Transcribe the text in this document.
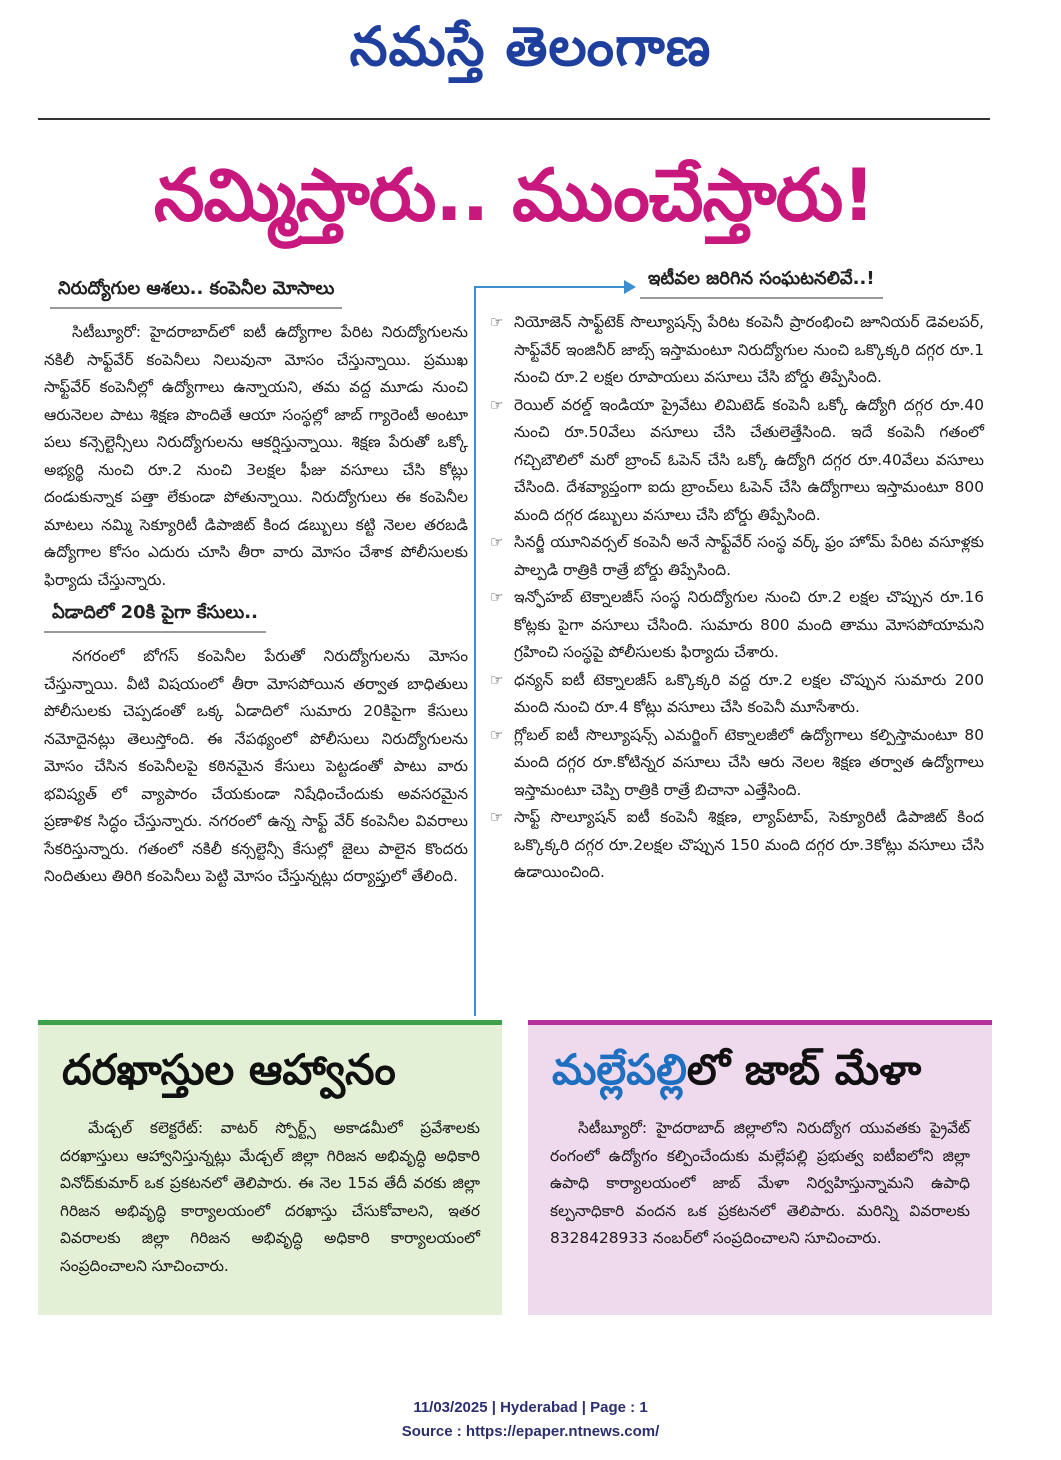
నమస్తే తెలంగాణ
నమ్మిస్తారు.. ముంచేస్తారు!
నిరుద్యోగుల ఆశలు.. కంపెనీల మోసాలు

సిటీబ్యూరో: హైదరాబాద్‌లో ఐటీ ఉద్యోగాల పేరిట నిరుద్యోగులను నకిలీ సాఫ్ట్‌వేర్ కంపెనీలు నిలువునా మోసం చేస్తున్నాయి. ప్రముఖ సాఫ్ట్‌వేర్ కంపెనీల్లో ఉద్యోగాలు ఉన్నాయని, తమ వద్ద మూడు నుంచి ఆరునెలల పాటు శిక్షణ పొందితే ఆయా సంస్థల్లో జాబ్ గ్యారెంటీ అంటూ పలు కన్సెల్టెన్సీలు నిరుద్యోగులను ఆకర్షిస్తున్నాయి. శిక్షణ పేరుతో ఒక్కో అభ్యర్థి నుంచి రూ.2 నుంచి 3లక్షల ఫీజు వసూలు చేసి కోట్లు దండుకున్నాక పత్తా లేకుండా పోతున్నాయి. నిరుద్యోగులు ఈ కంపెనీల మాటలు నమ్మి సెక్యూరిటీ డిపాజిట్ కింద డబ్బులు కట్టి నెలల తరబడి ఉద్యోగాల కోసం ఎదురు చూసి తీరా వారు మోసం చేశాక పోలీసులకు ఫిర్యాదు చేస్తున్నారు.

ఏడాదిలో 20కి పైగా కేసులు..

నగరంలో బోగస్ కంపెనీల పేరుతో నిరుద్యోగులను మోసం చేస్తున్నాయి. వీటి విషయంలో తీరా మోసపోయిన తర్వాత బాధితులు పోలీసులకు చెప్పడంతో ఒక్క ఏడాదిలో సుమారు 20కిపైగా కేసులు నమోదైనట్లు తెలుస్తోంది. ఈ నేపథ్యంలో పోలీసులు నిరుద్యోగులను మోసం చేసిన కంపెనీలపై కఠినమైన కేసులు పెట్టడంతో పాటు వారు భవిష్యత్ లో వ్యాపారం చేయకుండా నిషేధించేందుకు అవసరమైన ప్రణాళిక సిద్ధం చేస్తున్నారు. నగరంలో ఉన్న సాఫ్ట్ వేర్ కంపెనీల వివరాలు సేకరిస్తున్నారు. గతంలో నకిలీ కన్సల్టెన్సీ కేసుల్లో జైలు పాలైన కొందరు నిందితులు తిరిగి కంపెనీలు పెట్టి మోసం చేస్తున్నట్లు దర్యాప్తులో తేలింది.

ఇటీవల జరిగిన సంఘటనలివే..!
☞ నియోజెన్ సాఫ్ట్‌టెక్ సొల్యూషన్స్ పేరిట కంపెనీ ప్రారంభించి జూనియర్ డెవలపర్, సాఫ్ట్‌వేర్ ఇంజినీర్ జాబ్స్ ఇస్తామంటూ నిరుద్యోగుల నుంచి ఒక్కొక్కరి దగ్గర రూ.1 నుంచి రూ.2 లక్షల రూపాయలు వసూలు చేసి బోర్డు తిప్పేసింది.
☞ రెయిల్ వరల్డ్ ఇండియా ప్రైవేటు లిమిటెడ్ కంపెనీ ఒక్కో ఉద్యోగి దగ్గర రూ.40 నుంచి రూ.50వేలు వసూలు చేసి చేతులెత్తేసింది. ఇదే కంపెనీ గతంలో గచ్చిబౌలిలో మరో బ్రాంచ్ ఓపెన్ చేసి ఒక్కో ఉద్యోగి దగ్గర రూ.40వేలు వసూలు చేసింది. దేశవ్యాప్తంగా ఐదు బ్రాంచ్‌లు ఓపెన్ చేసి ఉద్యోగాలు ఇస్తామంటూ 800 మంది దగ్గర డబ్బులు వసూలు చేసి బోర్డు తిప్పేసింది.
☞ సినర్జీ యూనివర్సల్ కంపెనీ అనే సాఫ్ట్‌వేర్ సంస్థ వర్క్ ఫ్రం హోమ్ పేరిట వసూళ్లకు పాల్పడి రాత్రికి రాత్రే బోర్డు తిప్పేసింది.
☞ ఇన్ఫోహబ్ టెక్నాలజీస్ సంస్థ నిరుద్యోగుల నుంచి రూ.2 లక్షల చొప్పున రూ.16 కోట్లకు పైగా వసూలు చేసింది. సుమారు 800 మంది తాము మోసపోయామని గ్రహించి సంస్థపై పోలీసులకు ఫిర్యాదు చేశారు.
☞ ధన్యన్ ఐటీ టెక్నాలజీస్ ఒక్కొక్కరి వద్ద రూ.2 లక్షల చొప్పున సుమారు 200 మంది నుంచి రూ.4 కోట్లు వసూలు చేసి కంపెనీ మూసేశారు.
☞ గ్లోబల్ ఐటీ సొల్యూషన్స్ ఎమర్జింగ్ టెక్నాలజీలో ఉద్యోగాలు కల్పిస్తామంటూ 80 మంది దగ్గర రూ.కోటిన్నర వసూలు చేసి ఆరు నెలల శిక్షణ తర్వాత ఉద్యోగాలు ఇస్తామంటూ చెప్పి రాత్రికి రాత్రే బిచానా ఎత్తేసింది.
☞ సాఫ్ట్ సొల్యూషన్ ఐటీ కంపెనీ శిక్షణ, ల్యాప్‌టాప్, సెక్యూరిటీ డిపాజిట్ కింద ఒక్కొక్కరి దగ్గర రూ.2లక్షల చొప్పున 150 మంది దగ్గర రూ.3కోట్లు వసూలు చేసి ఉడాయించింది.
దరఖాస్తుల ఆహ్వానం

మేడ్చల్ కలెక్టరేట్: వాటర్ స్పోర్ట్స్ అకాడమీలో ప్రవేశాలకు దరఖాస్తులు ఆహ్వానిస్తున్నట్లు మేడ్చల్ జిల్లా గిరిజన అభివృద్ధి అధికారి వినోద్‌కుమార్ ఒక ప్రకటనలో తెలిపారు. ఈ నెల 15వ తేదీ వరకు జిల్లా గిరిజన అభివృద్ధి కార్యాలయంలో దరఖాస్తు చేసుకోవాలని, ఇతర వివరాలకు జిల్లా గిరిజన అభివృద్ధి అధికారి కార్యాలయంలో సంప్రదించాలని సూచించారు.

మల్లేపల్లిలో జాబ్ మేళా

సిటీబ్యూరో: హైదరాబాద్ జిల్లాలోని నిరుద్యోగ యువతకు ప్రైవేట్ రంగంలో ఉద్యోగం కల్పించేందుకు మల్లేపల్లి ప్రభుత్వ ఐటీఐలోని జిల్లా ఉపాధి కార్యాలయంలో జాబ్ మేళా నిర్వహిస్తున్నామని ఉపాధి కల్పనాధికారి వందన ఒక ప్రకటనలో తెలిపారు. మరిన్ని వివరాలకు 8328428933 నంబర్‌లో సంప్రదించాలని సూచించారు.

11/03/2025 | Hyderabad | Page : 1
Source : https://epaper.ntnews.com/
